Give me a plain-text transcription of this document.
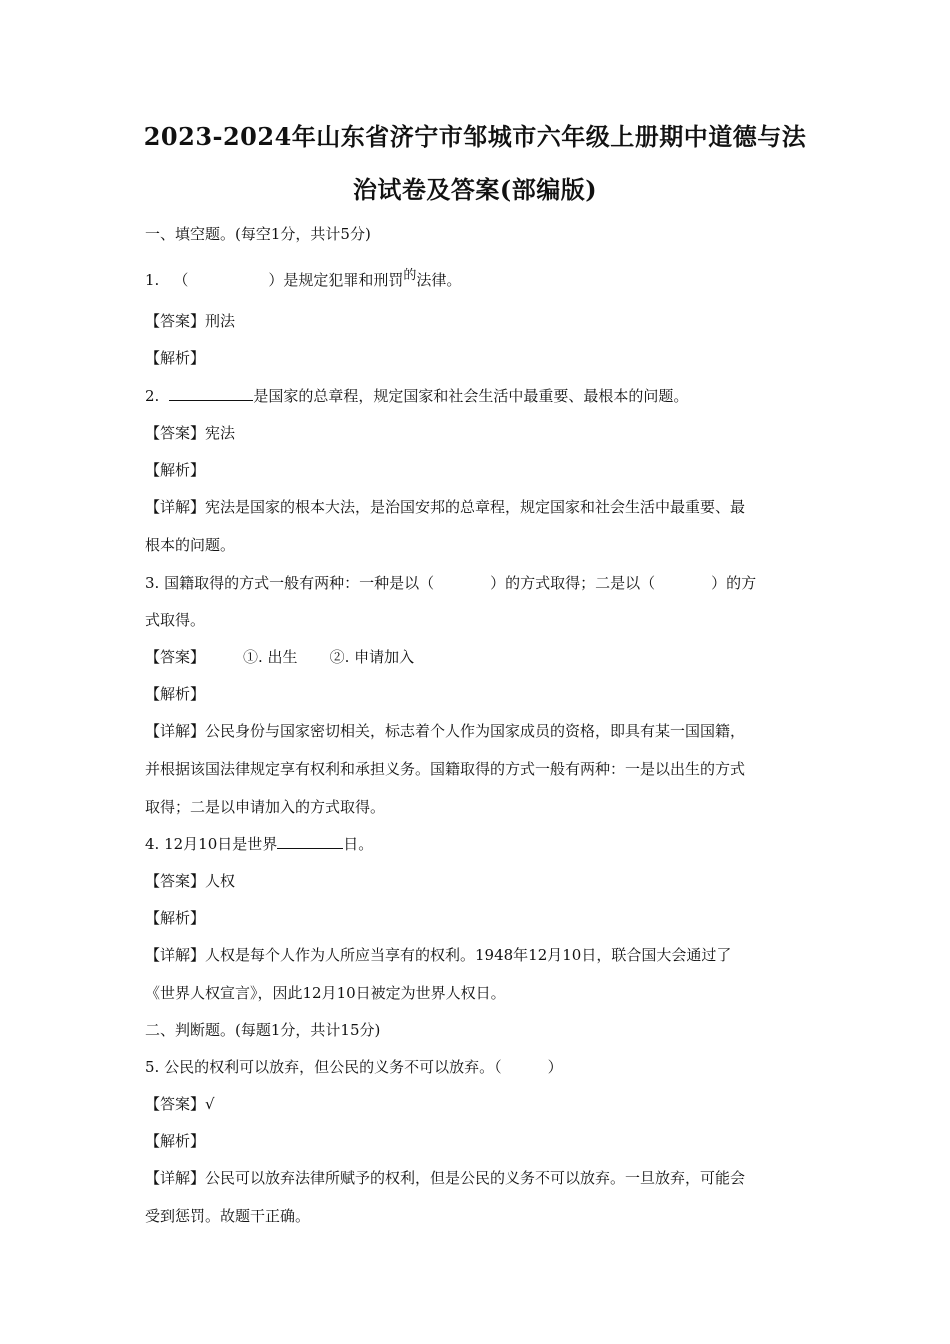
2023-2024年山东省济宁市邹城市六年级上册期中道德与法
治试卷及答案(部编版)
一、填空题。(每空1分，共计5分)
1. （	）是规定犯罪和刑罚的法律。
【答案】刑法
【解析】
2.	是国家的总章程，规定国家和社会生活中最重要、最根本的问题。
【答案】宪法
【解析】
【详解】宪法是国家的根本大法，是治国安邦的总章程，规定国家和社会生活中最重要、最
根本的问题。
3. 国籍取得的方式一般有两种：一种是以（	）的方式取得；二是以（	）的方
式取得。
【答案】	①. 出生 ②. 申请加入
【解析】
【详解】公民身份与国家密切相关，标志着个人作为国家成员的资格，即具有某一国国籍，
并根据该国法律规定享有权利和承担义务。国籍取得的方式一般有两种：一是以出生的方式
取得；二是以申请加入的方式取得。
4. 12月10日是世界	日。
【答案】人权
【解析】
【详解】人权是每个人作为人所应当享有的权利。1948年12月10日，联合国大会通过了
《世界人权宣言》，因此12月10日被定为世界人权日。
二、判断题。(每题1分，共计15分)
5. 公民的权利可以放弃，但公民的义务不可以放弃。（	）
【答案】√
【解析】
【详解】公民可以放弃法律所赋予的权利，但是公民的义务不可以放弃。一旦放弃，可能会
受到惩罚。故题干正确。
